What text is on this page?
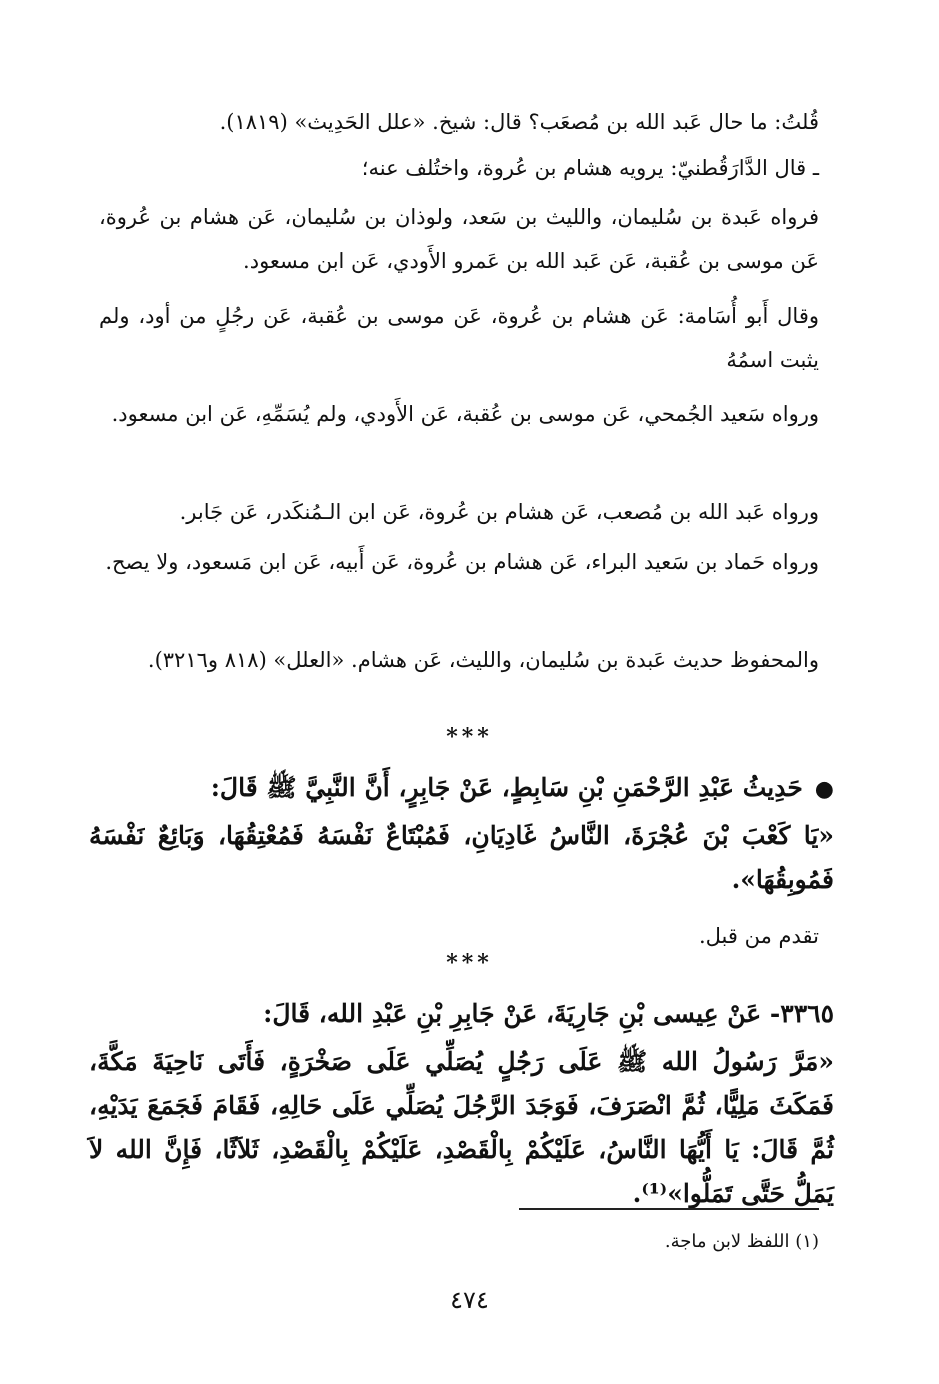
قُلتُ: ما حال عَبد الله بن مُصعَب؟ قال: شيخ. «علل الحَدِيث» (١٨١٩).

ـ قال الدَّارَقُطنيّ: يرويه هشام بن عُروة، واختُلف عنه؛

فرواه عَبدة بن سُليمان، والليث بن سَعد، ولوذان بن سُليمان، عَن هشام بن عُروة، عَن موسى بن عُقبة، عَن عَبد الله بن عَمرو الأَودي، عَن ابن مسعود.

وقال أَبو أُسَامة: عَن هشام بن عُروة، عَن موسى بن عُقبة، عَن رجُلٍ من أود، ولم يثبت اسمُهُ

ورواه سَعيد الجُمحي، عَن موسى بن عُقبة، عَن الأَودي، ولم يُسَمِّهِ، عَن ابن مسعود.

ورواه عَبد الله بن مُصعب، عَن هشام بن عُروة، عَن ابن الـمُنكَدر، عَن جَابر.

ورواه حَماد بن سَعيد البراء، عَن هشام بن عُروة، عَن أَبيه، عَن ابن مَسعود، ولا يصح.

والمحفوظ حديث عَبدة بن سُليمان، والليث، عَن هشام. «العلل» (٨١٨ و٣٢١٦).

***

●حَدِيثُ عَبْدِ الرَّحْمَنِ بْنِ سَابِطٍ، عَنْ جَابِرٍ، أَنَّ النَّبِيَّ ﷺ قَالَ:

«يَا كَعْبَ بْنَ عُجْرَةَ، النَّاسُ غَادِيَانِ، فَمُبْتَاعٌ نَفْسَهُ فَمُعْتِقُهَا، وَبَائِعٌ نَفْسَهُ فَمُوبِقُهَا».

تقدم من قبل.

***

٣٣٦٥- عَنْ عِيسى بْنِ جَارِيَةَ، عَنْ جَابِرِ بْنِ عَبْدِ الله، قَالَ:

«مَرَّ رَسُولُ الله ﷺ عَلَى رَجُلٍ يُصَلِّي عَلَى صَخْرَةٍ، فَأَتَى نَاحِيَةَ مَكَّةَ، فَمَكَثَ مَلِيًّا، ثُمَّ انْصَرَفَ، فَوَجَدَ الرَّجُلَ يُصَلِّي عَلَى حَالِهِ، فَقَامَ فَجَمَعَ يَدَيْهِ، ثُمَّ قَالَ: يَا أَيُّهَا النَّاسُ، عَلَيْكُمْ بِالْقَصْدِ، عَلَيْكُمْ بِالْقَصْدِ، ثَلاَثًا، فَإِنَّ الله لاَ يَمَلُّ حَتَّى تَمَلُّوا»⁽¹⁾.

(١) اللفظ لابن ماجة.

٤٧٤
